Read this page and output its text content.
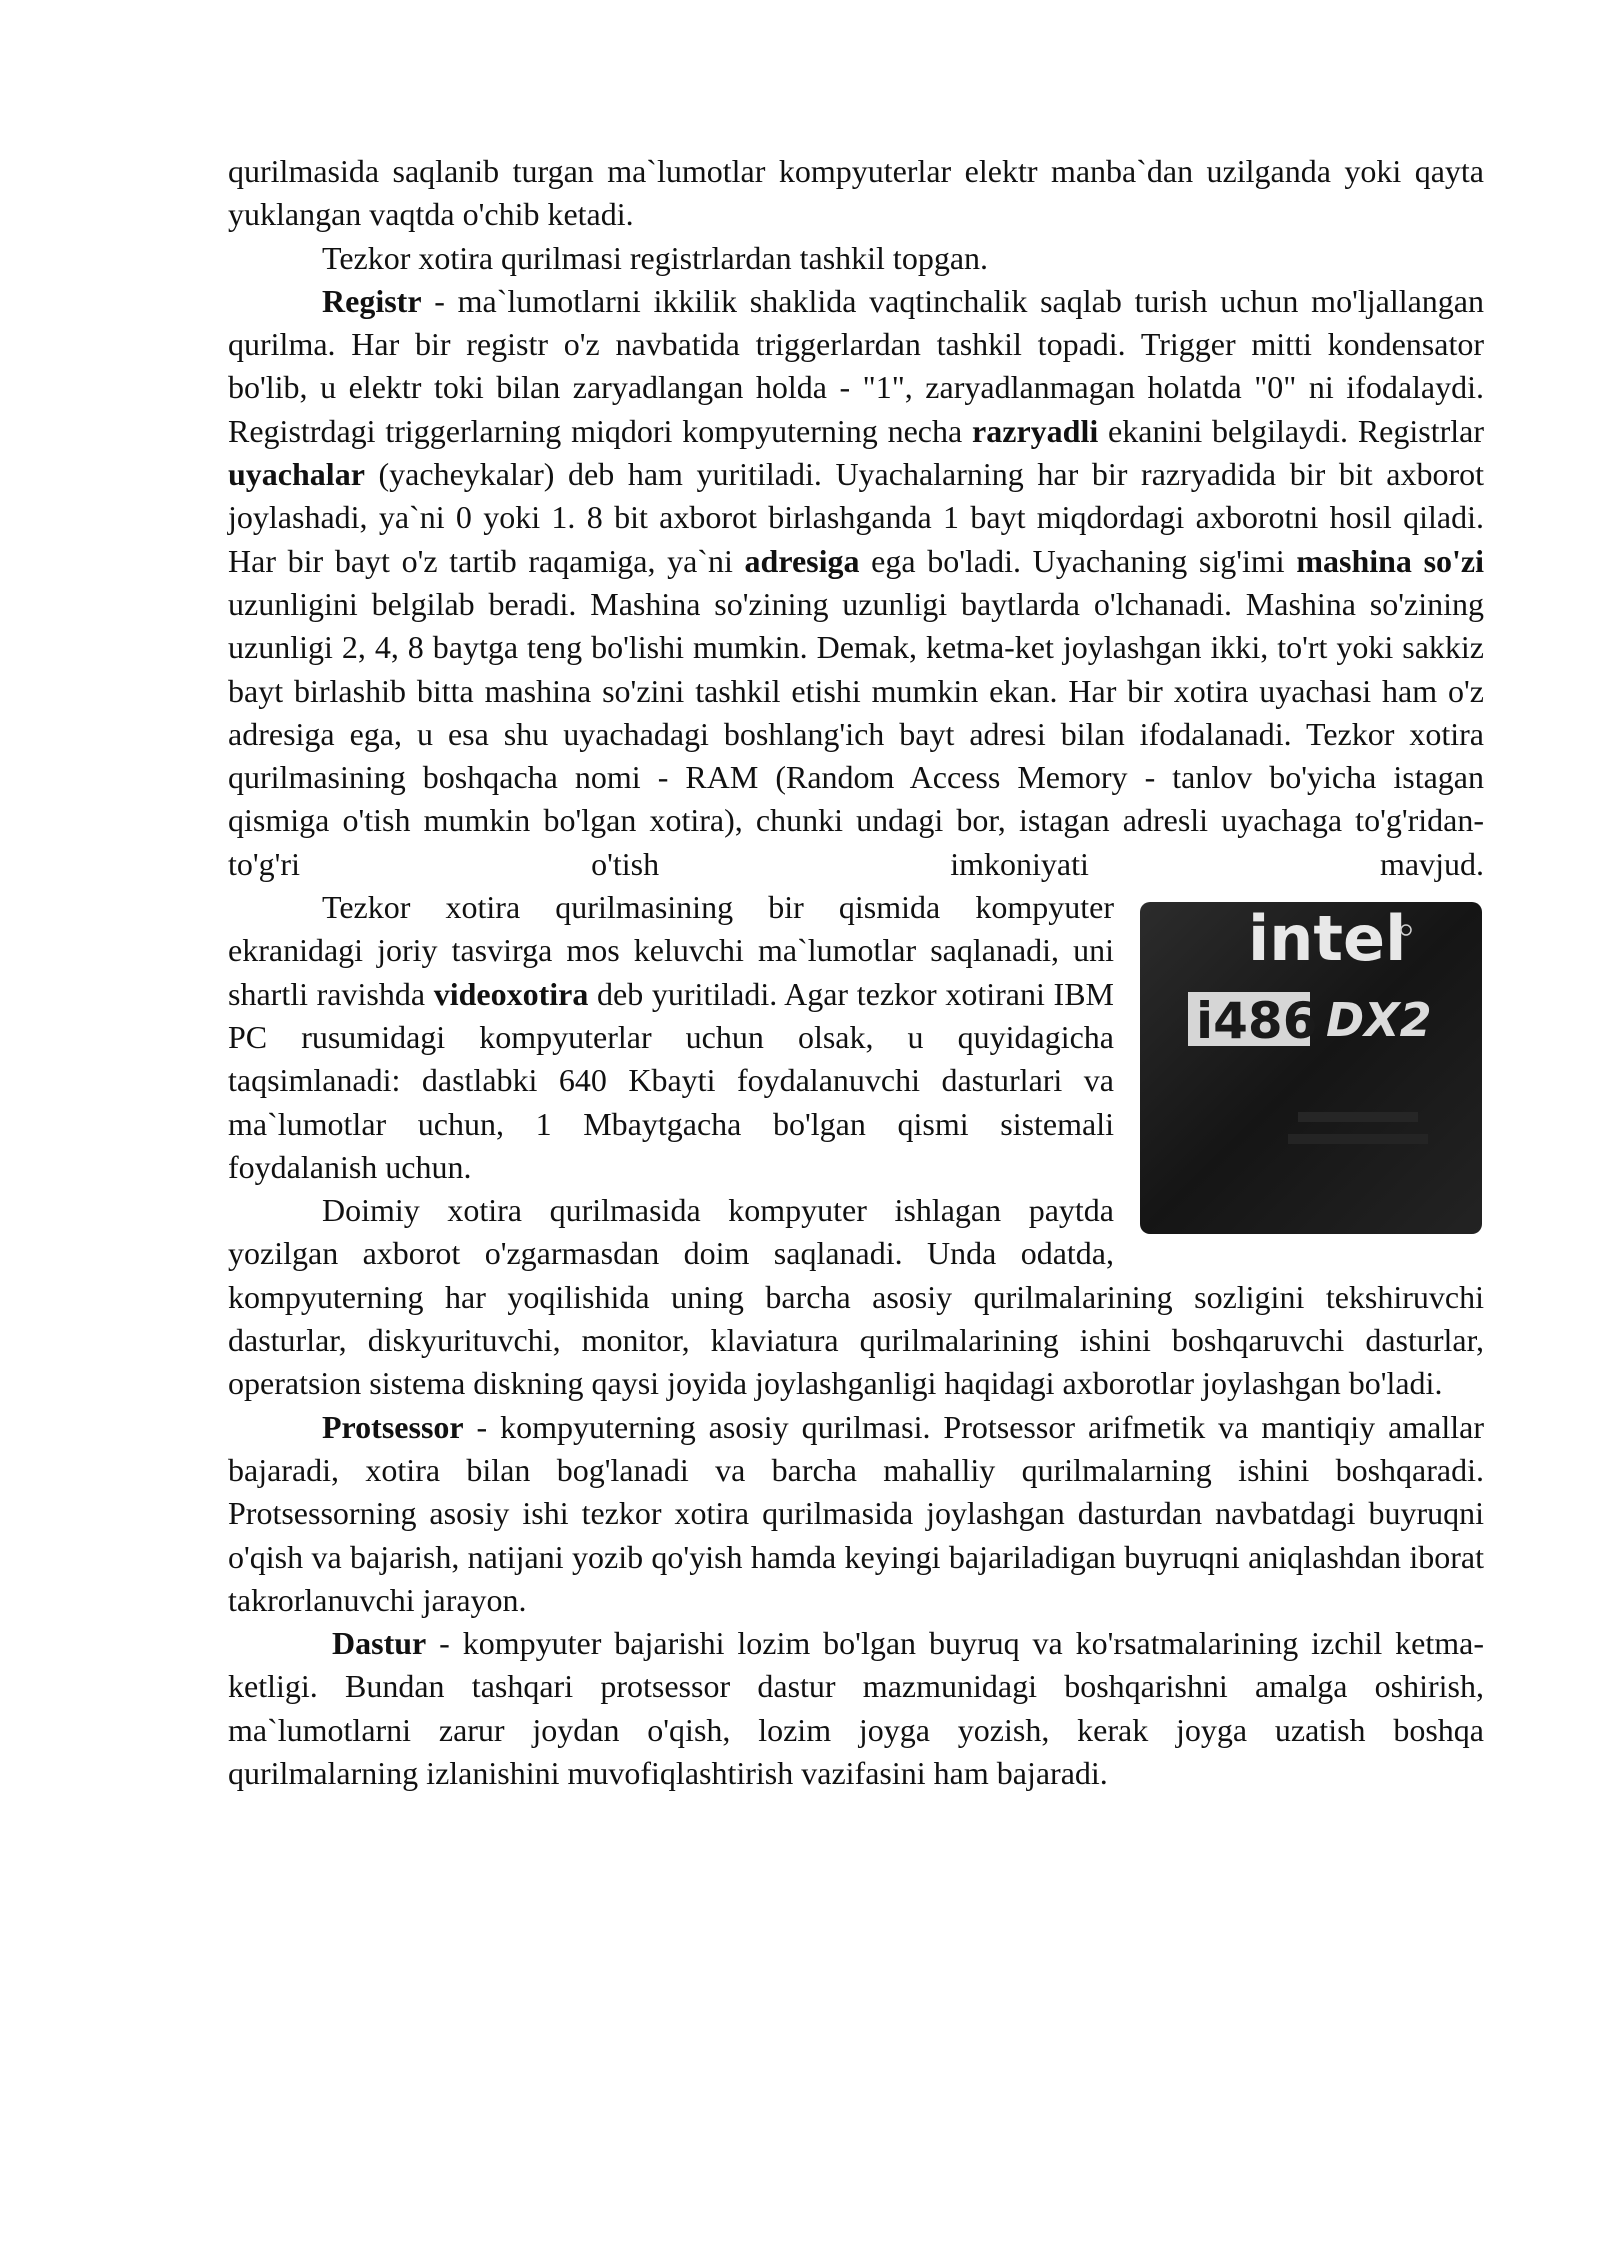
qurilmasida saqlanib turgan ma`lumotlar kompyuterlar elektr manba`dan uzilganda yoki qayta yuklangan vaqtda o'chib ketadi.

Tezkor xotira qurilmasi registrlardan tashkil topgan.

Registr - ma`lumotlarni ikkilik shaklida vaqtinchalik saqlab turish uchun mo'ljallangan qurilma. Har bir registr o'z navbatida triggerlardan tashkil topadi. Trigger mitti kondensator bo'lib, u elektr toki bilan zaryadlangan holda - "1", zaryadlanmagan holatda "0" ni ifodalaydi. Registrdagi triggerlarning miqdori kompyuterning necha razryadli ekanini belgilaydi. Registrlar uyachalar (yacheykalar) deb ham yuritiladi. Uyachalarning har bir razryadida bir bit axborot joylashadi, ya`ni 0 yoki 1. 8 bit axborot birlashganda 1 bayt miqdordagi axborotni hosil qiladi. Har bir bayt o'z tartib raqamiga, ya`ni adresiga ega bo'ladi. Uyachaning sig'imi mashina so'zi uzunligini belgilab beradi. Mashina so'zining uzunligi baytlarda o'lchanadi. Mashina so'zining uzunligi 2, 4, 8 baytga teng bo'lishi mumkin. Demak, ketma-ket joylashgan ikki, to'rt yoki sakkiz bayt birlashib bitta mashina so'zini tashkil etishi mumkin ekan. Har bir xotira uyachasi ham o'z adresiga ega, u esa shu uyachadagi boshlang'ich bayt adresi bilan ifodalanadi. Tezkor xotira qurilmasining boshqacha nomi - RAM (Random Access Memory - tanlov bo'yicha istagan qismiga o'tish mumkin bo'lgan xotira), chunki undagi bor, istagan adresli uyachaga to'g'ridan-to'g'ri o'tish imkoniyati mavjud.

intel
i486 DX2

Tezkor xotira qurilmasining bir qismida kompyuter ekranidagi joriy tasvirga mos keluvchi ma`lumotlar saqlanadi, uni shartli ravishda videoxotira deb yuritiladi. Agar tezkor xotirani IBM PC rusumidagi kompyuterlar uchun olsak, u quyidagicha taqsimlanadi: dastlabki 640 Kbayti foydalanuvchi dasturlari va ma`lumotlar uchun, 1 Mbaytgacha bo'lgan qismi sistemali foydalanish uchun.

Doimiy xotira qurilmasida kompyuter ishlagan paytda yozilgan axborot o'zgarmasdan doim saqlanadi. Unda odatda, kompyuterning har yoqilishida uning barcha asosiy qurilmalarining sozligini tekshiruvchi dasturlar, diskyurituvchi, monitor, klaviatura qurilmalarining ishini boshqaruvchi dasturlar, operatsion sistema diskning qaysi joyida joylashganligi haqidagi axborotlar joylashgan bo'ladi.

Protsessor - kompyuterning asosiy qurilmasi. Protsessor arifmetik va mantiqiy amallar bajaradi, xotira bilan bog'lanadi va barcha mahalliy qurilmalarning ishini boshqaradi. Protsessorning asosiy ishi tezkor xotira qurilmasida joylashgan dasturdan navbatdagi buyruqni o'qish va bajarish, natijani yozib qo'yish hamda keyingi bajariladigan buyruqni aniqlashdan iborat takrorlanuvchi jarayon.

Dastur - kompyuter bajarishi lozim bo'lgan buyruq va ko'rsatmalarining izchil ketma-ketligi. Bundan tashqari protsessor dastur mazmunidagi boshqarishni amalga oshirish, ma`lumotlarni zarur joydan o'qish, lozim joyga yozish, kerak joyga uzatish boshqa qurilmalarning izlanishini muvofiqlashtirish vazifasini ham bajaradi.
